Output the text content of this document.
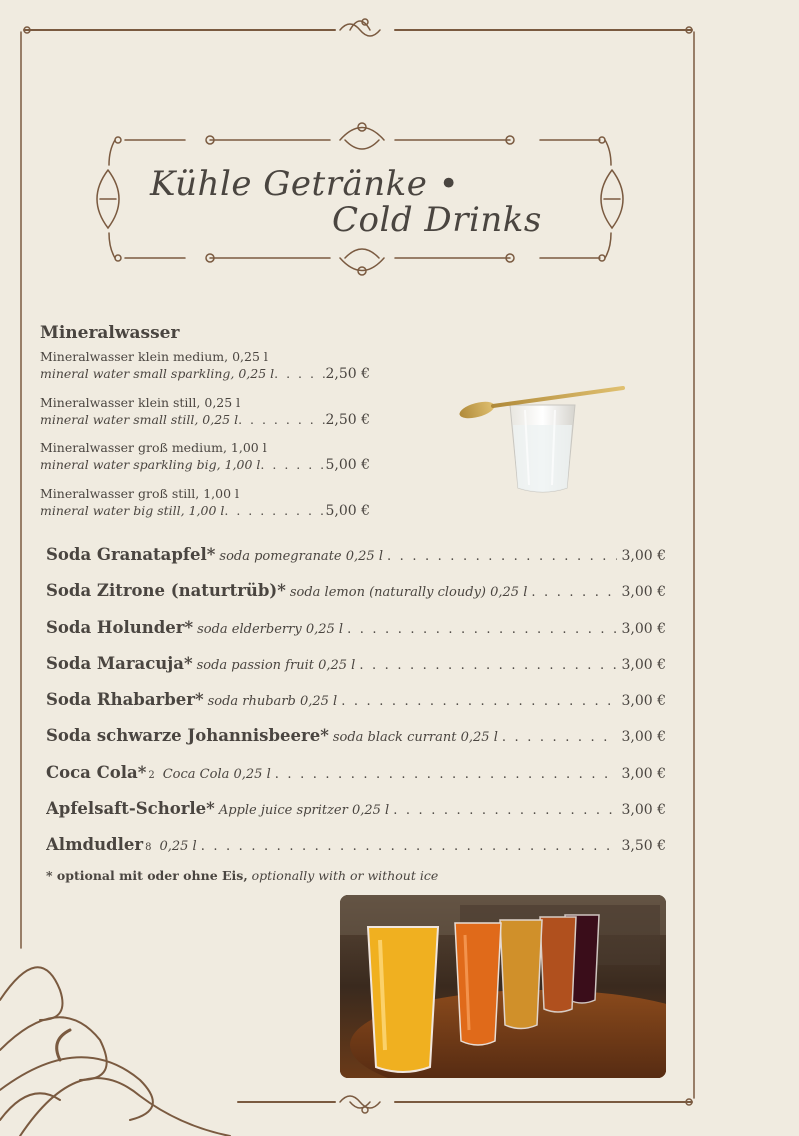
Kühle Getränke •
Cold Drinks
Mineralwasser
Mineralwasser klein medium, 0,25 l
mineral water small sparkling, 0,25 l . . .	2,50 €
Mineralwasser klein still, 0,25 l
mineral water small still, 0,25 l . . .	2,50 €
Mineralwasser groß medium, 1,00 l
mineral water sparkling big, 1,00 l . . .	5,00 €
Mineralwasser groß still, 1,00 l
mineral water big still, 1,00 l . . .	5,00 €
Soda Granatapfel* soda pomegranate 0,25 l . . .	3,00 €
Soda Zitrone (naturtrüb)* soda lemon (naturally cloudy) 0,25 l . . .	3,00 €
Soda Holunder* soda elderberry 0,25 l . . .	3,00 €
Soda Maracuja* soda passion fruit 0,25 l . . .	3,00 €
Soda Rhabarber* soda rhubarb 0,25 l . . .	3,00 €
Soda schwarze Johannisbeere* soda black currant 0,25 l . . .	3,00 €
Coca Cola* 2 Coca Cola 0,25 l . . .	3,00 €
Apfelsaft-Schorle* Apple juice spritzer 0,25 l . . .	3,00 €
Almdudler 8 0,25 l . . .	3,50 €
* optional mit oder ohne Eis, optionally with or without ice
